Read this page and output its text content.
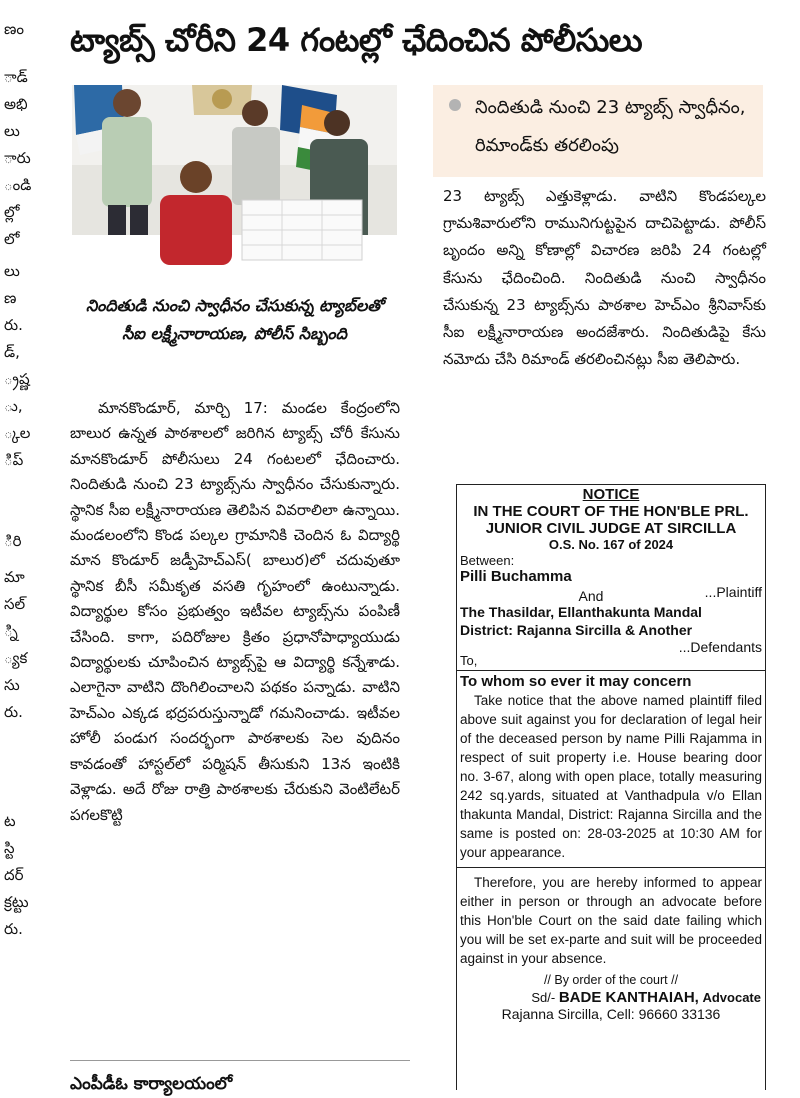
ణం
ాడ్
అభి
లు
ారు
ండి
ల్లో
లో
లు
ణ
రు.
డ్,
్రష్ణ
ు,
్కల
ిప్
ిరి
మా
సల్
్ని
్యక
సు
రు.
ట
స్టి
దర్
క్రట్టు
రు.
ట్యాబ్స్ చోరీని 24 గంటల్లో ఛేదించిన పోలీసులు
నిందితుడి నుంచి స్వాధీనం చేసుకున్న ట్యాబ్‌లతో సీఐ లక్ష్మీనారాయణ, పోలీస్ సిబ్బంది
మానకొండూర్, మార్చి 17: మండల కేంద్రంలోని బాలుర ఉన్నత పాఠశాలలో జరిగిన ట్యాబ్స్ చోరీ కేసును మానకొండూర్ పోలీసులు 24 గంటలలో ఛేదించారు. నిందితుడి నుంచి 23 ట్యాబ్స్‌ను స్వాధీనం చేసుకున్నారు. స్థానిక సీఐ లక్ష్మీనారాయణ తెలిపిన వివరాలిలా ఉన్నాయి. మండలంలోని కొండ పల్కల గ్రామానికి చెందిన ఓ విద్యార్థి మాన కొండూర్ జడ్పీహెచ్ఎస్( బాలుర)లో చదువుతూ స్థానిక బీసీ సమీకృత వసతి గృహంలో ఉంటున్నాడు. విద్యార్థుల కోసం ప్రభుత్వం ఇటీవల ట్యాబ్స్‌ను పంపిణీ చేసింది. కాగా, పదిరోజుల క్రితం ప్రధానోపాధ్యాయుడు విద్యార్థులకు చూపించిన ట్యాబ్స్‌పై ఆ విద్యార్థి కన్నేశాడు. ఎలాగైనా వాటిని దొంగిలించాలని పథకం పన్నాడు. వాటిని హెచ్ఎం ఎక్కడ భద్రపరుస్తున్నాడో గమనించాడు. ఇటీవల హోలీ పండుగ సందర్భంగా పాఠశాలకు సెల వుదినం కావడంతో హాస్టల్‌లో పర్మిషన్ తీసుకుని 13న ఇంటికి వెళ్లాడు. అదే రోజు రాత్రి పాఠశాలకు చేరుకుని వెంటిలేటర్ పగలకొట్టి
నిందితుడి నుంచి 23 ట్యాబ్స్ స్వాధీనం, రిమాండ్‌కు తరలింపు
23 ట్యాబ్స్ ఎత్తుకెళ్లాడు. వాటిని కొండపల్కల గ్రామశివారులోని రామునిగుట్టపైన దాచిపెట్టాడు. పోలీస్ బృందం అన్ని కోణాల్లో విచారణ జరిపి 24 గంటల్లో కేసును ఛేదించింది. నిందితుడి నుంచి స్వాధీనం చేసుకున్న 23 ట్యాబ్స్‌ను పాఠశాల హెచ్ఎం శ్రీనివాస్‌కు సీఐ లక్ష్మీనారాయణ అందజేశారు. నిందితుడిపై కేసు నమోదు చేసి రిమాండ్ తరలించినట్లు సీఐ తెలిపారు.
NOTICE
IN THE COURT OF THE HON'BLE PRL.
JUNIOR CIVIL JUDGE AT SIRCILLA
O.S. No. 167 of 2024
Between:
Pilli Buchamma
...Plaintiff
And
The Thasildar, Ellanthakunta Mandal
District: Rajanna Sircilla & Another
...Defendants
To,
To whom so ever it may concern
Take notice that the above named plaintiff filed above suit against you for declaration of legal heir of the deceased person by name Pilli Rajamma in respect of suit property i.e. House bearing door no. 3-67, along with open place, totally measuring 242 sq.yards, situated at Vanthadpula v/o Ellan thakunta Mandal, District: Rajanna Sircilla and the same is posted on: 28-03-2025 at 10:30 AM for your appearance.
Therefore, you are hereby informed to appear either in person or through an advocate before this Hon'ble Court on the said date failing which you will be set ex-parte and suit will be proceeded against in your absence.
// By order of the court //
Sd/- BADE KANTHAIAH, Advocate
Rajanna Sircilla, Cell: 96660 33136
ఎంపీడీఓ కార్యాలయంలో
